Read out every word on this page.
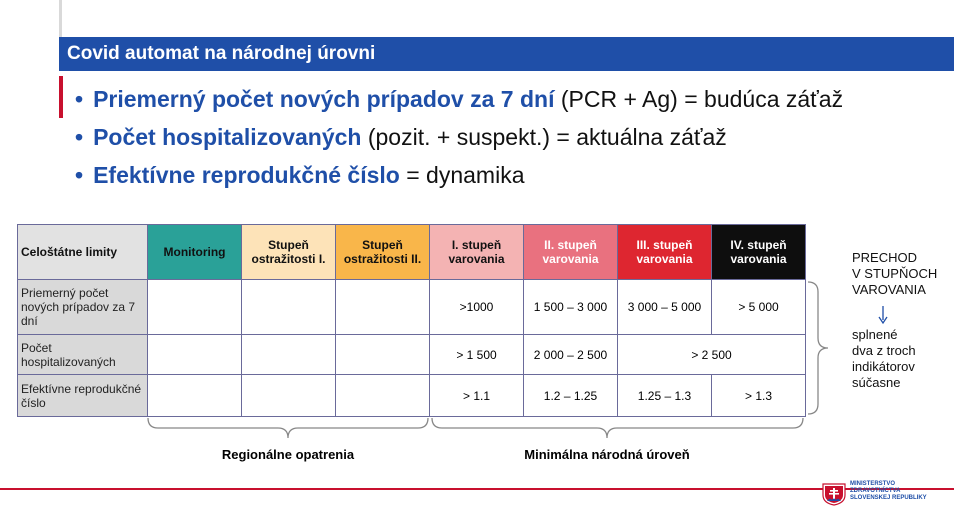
Covid automat na národnej úrovni
• Priemerný počet nových prípadov za 7 dní (PCR + Ag) = budúca záťaž
• Počet hospitalizovaných (pozit. + suspekt.) = aktuálna záťaž
• Efektívne reprodukčné číslo = dynamika
Celoštátne limity	Monitoring	Stupeň ostražitosti I.	Stupeň ostražitosti II.	I. stupeň varovania	II. stupeň varovania	III. stupeň varovania	IV. stupeň varovania
Priemerný počet nových prípadov za 7 dní				>1000	1 500 – 3 000	3 000 – 5 000	> 5 000
Počet hospitalizovaných				> 1 500	2 000 – 2 500	> 2 500	
Efektívne reprodukčné číslo				> 1.1	1.2 – 1.25	1.25 – 1.3	> 1.3
Regionálne opatrenia	Minimálna národná úroveň
PRECHOD
V STUPŇOCH
VAROVANIA
splnené
dva z troch
indikátorov
súčasne
MINISTERSTVO
ZDRAVOTNÍCTVA
SLOVENSKEJ REPUBLIKY
